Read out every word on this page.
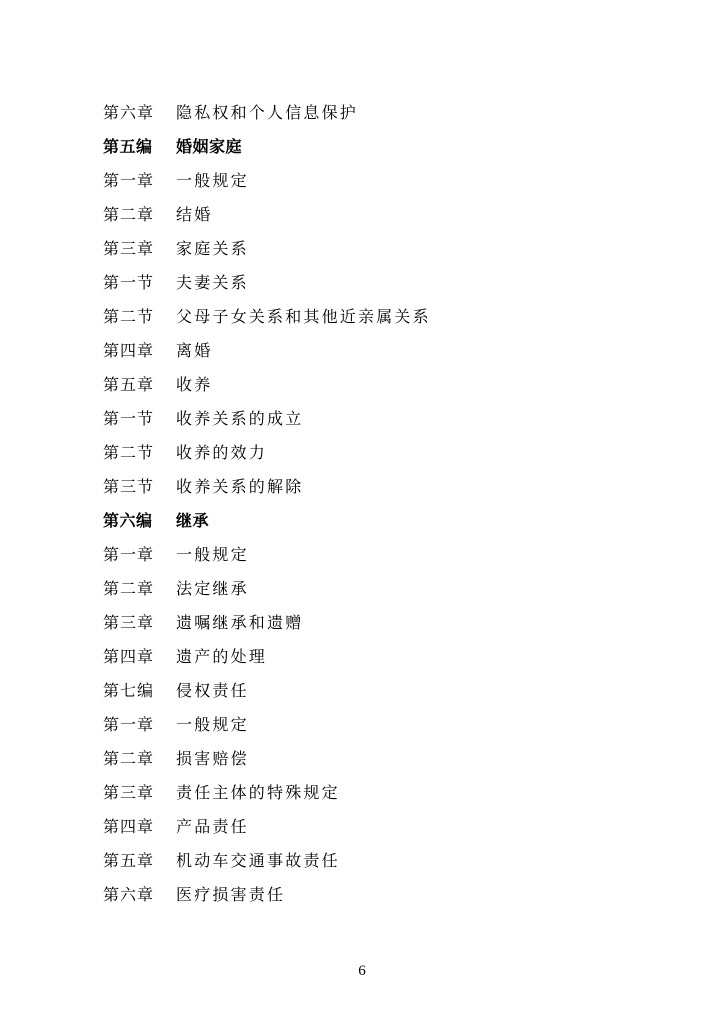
第六章	隐私权和个人信息保护
第五编	婚姻家庭
第一章	一般规定
第二章	结婚
第三章	家庭关系
第一节	夫妻关系
第二节	父母子女关系和其他近亲属关系
第四章	离婚
第五章	收养
第一节	收养关系的成立
第二节	收养的效力
第三节	收养关系的解除
第六编	继承
第一章	一般规定
第二章	法定继承
第三章	遗嘱继承和遗赠
第四章	遗产的处理
第七编	侵权责任
第一章	一般规定
第二章	损害赔偿
第三章	责任主体的特殊规定
第四章	产品责任
第五章	机动车交通事故责任
第六章	医疗损害责任
6
